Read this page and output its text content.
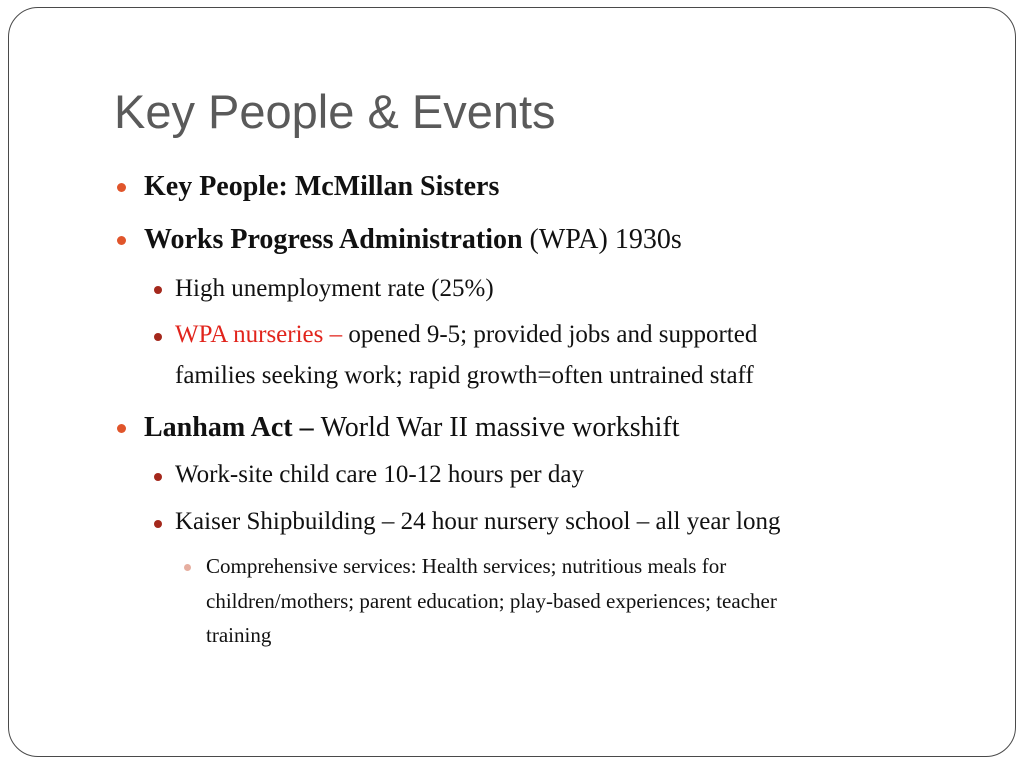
Key People & Events
Key People: McMillan Sisters
Works Progress Administration (WPA) 1930s
High unemployment rate (25%)
WPA nurseries – opened 9-5; provided jobs and supported
families seeking work; rapid growth=often untrained staff
Lanham Act – World War II massive workshift
Work-site child care 10-12 hours per day
Kaiser Shipbuilding – 24 hour nursery school – all year long
Comprehensive services: Health services; nutritious meals for
children/mothers; parent education; play-based experiences; teacher
training
